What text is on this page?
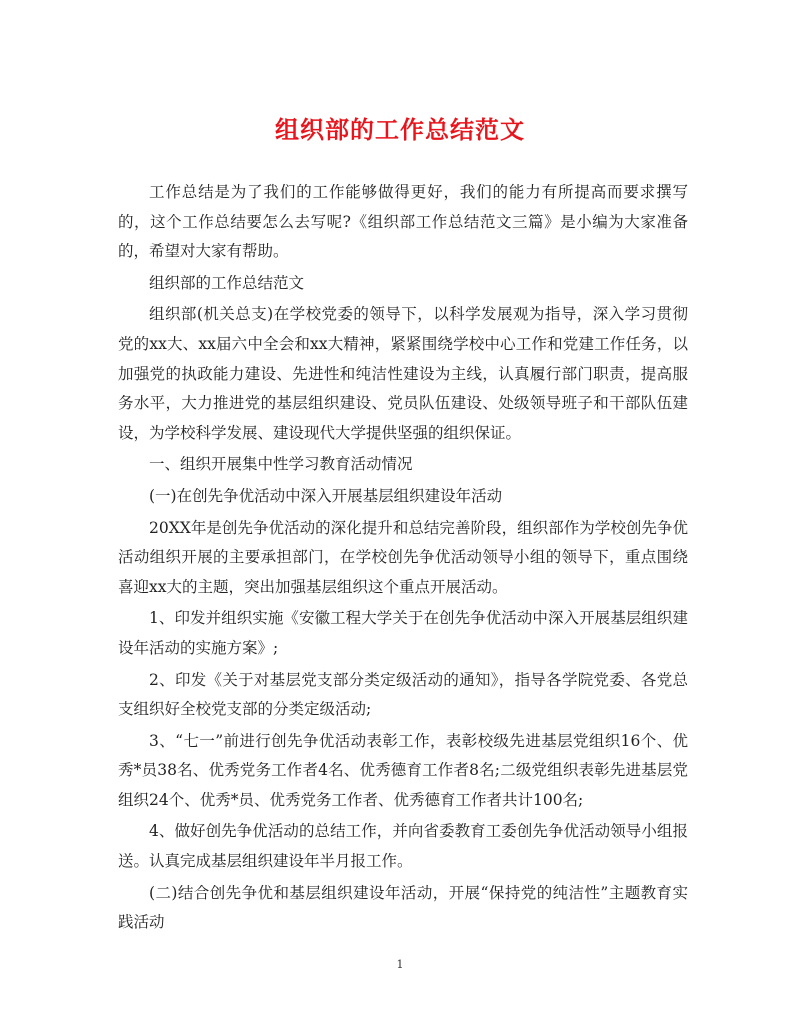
组织部的工作总结范文

工作总结是为了我们的工作能够做得更好，我们的能力有所提高而要求撰写的，这个工作总结要怎么去写呢?《组织部工作总结范文三篇》是小编为大家准备的，希望对大家有帮助。

组织部的工作总结范文

组织部(机关总支)在学校党委的领导下，以科学发展观为指导，深入学习贯彻党的xx大、xx届六中全会和xx大精神，紧紧围绕学校中心工作和党建工作任务，以加强党的执政能力建设、先进性和纯洁性建设为主线，认真履行部门职责，提高服务水平，大力推进党的基层组织建设、党员队伍建设、处级领导班子和干部队伍建设，为学校科学发展、建设现代大学提供坚强的组织保证。

一、组织开展集中性学习教育活动情况

(一)在创先争优活动中深入开展基层组织建设年活动

20XX年是创先争优活动的深化提升和总结完善阶段，组织部作为学校创先争优活动组织开展的主要承担部门，在学校创先争优活动领导小组的领导下，重点围绕喜迎xx大的主题，突出加强基层组织这个重点开展活动。

1、印发并组织实施《安徽工程大学关于在创先争优活动中深入开展基层组织建设年活动的实施方案》;

2、印发《关于对基层党支部分类定级活动的通知》，指导各学院党委、各党总支组织好全校党支部的分类定级活动;

3、“七一”前进行创先争优活动表彰工作，表彰校级先进基层党组织16个、优秀*员38名、优秀党务工作者4名、优秀德育工作者8名;二级党组织表彰先进基层党组织24个、优秀*员、优秀党务工作者、优秀德育工作者共计100名;

4、做好创先争优活动的总结工作，并向省委教育工委创先争优活动领导小组报送。认真完成基层组织建设年半月报工作。

(二)结合创先争优和基层组织建设年活动，开展“保持党的纯洁性”主题教育实践活动

1
